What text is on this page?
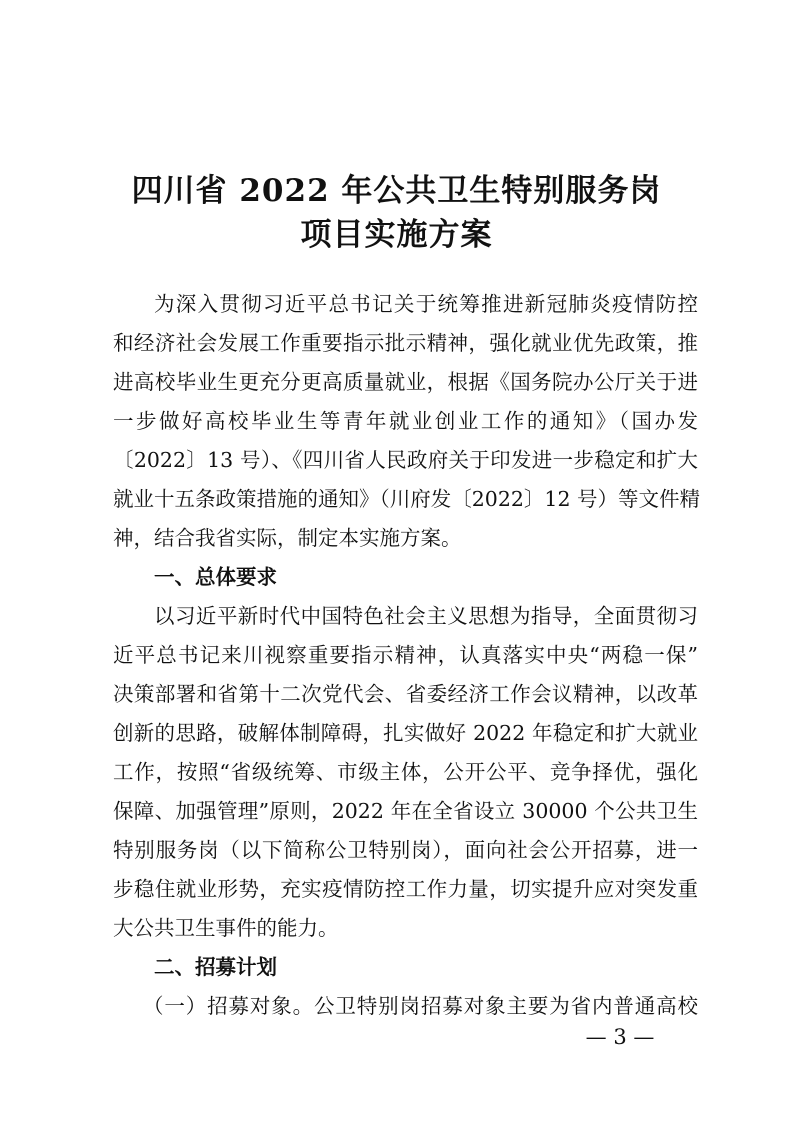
四川省 2022 年公共卫生特别服务岗
项目实施方案
为深入贯彻习近平总书记关于统筹推进新冠肺炎疫情防控
和经济社会发展工作重要指示批示精神，强化就业优先政策，推
进高校毕业生更充分更高质量就业，根据《国务院办公厅关于进
一步做好高校毕业生等青年就业创业工作的通知》（国办发
〔2022〕13 号）、《四川省人民政府关于印发进一步稳定和扩大
就业十五条政策措施的通知》（川府发〔2022〕12 号）等文件精
神，结合我省实际，制定本实施方案。
一、总体要求
以习近平新时代中国特色社会主义思想为指导，全面贯彻习
近平总书记来川视察重要指示精神，认真落实中央“两稳一保”
决策部署和省第十二次党代会、省委经济工作会议精神，以改革
创新的思路，破解体制障碍，扎实做好 2022 年稳定和扩大就业
工作，按照“省级统筹、市级主体，公开公平、竞争择优，强化
保障、加强管理”原则，2022 年在全省设立 30000 个公共卫生
特别服务岗（以下简称公卫特别岗），面向社会公开招募，进一
步稳住就业形势，充实疫情防控工作力量，切实提升应对突发重
大公共卫生事件的能力。
二、招募计划
（一）招募对象。公卫特别岗招募对象主要为省内普通高校
— 3 —
